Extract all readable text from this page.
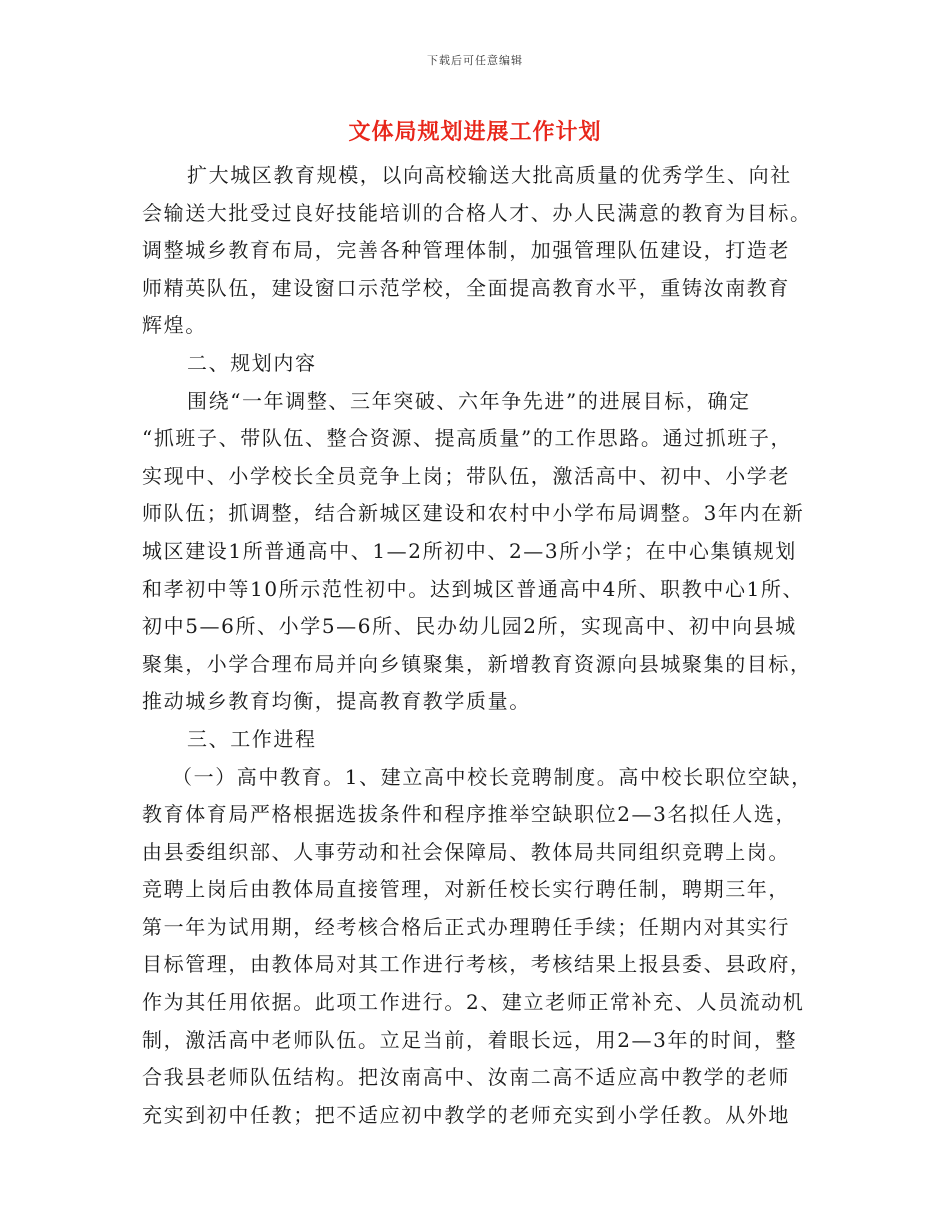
下载后可任意编辑
文体局规划进展工作计划
扩大城区教育规模，以向高校输送大批高质量的优秀学生、向社
会输送大批受过良好技能培训的合格人才、办人民满意的教育为目标。
调整城乡教育布局，完善各种管理体制，加强管理队伍建设，打造老
师精英队伍，建设窗口示范学校，全面提高教育水平，重铸汝南教育
辉煌。
二、规划内容
围绕“一年调整、三年突破、六年争先进”的进展目标，确定
“抓班子、带队伍、整合资源、提高质量”的工作思路。通过抓班子，
实现中、小学校长全员竞争上岗；带队伍，激活高中、初中、小学老
师队伍；抓调整，结合新城区建设和农村中小学布局调整。3年内在新
城区建设1所普通高中、1—2所初中、2—3所小学；在中心集镇规划
和孝初中等10所示范性初中。达到城区普通高中4所、职教中心1所、
初中5—6所、小学5—6所、民办幼儿园2所，实现高中、初中向县城
聚集，小学合理布局并向乡镇聚集，新增教育资源向县城聚集的目标，
推动城乡教育均衡，提高教育教学质量。
三、工作进程
（一）高中教育。1、建立高中校长竞聘制度。高中校长职位空缺，
教育体育局严格根据选拔条件和程序推举空缺职位2—3名拟任人选，
由县委组织部、人事劳动和社会保障局、教体局共同组织竞聘上岗。
竞聘上岗后由教体局直接管理，对新任校长实行聘任制，聘期三年，
第一年为试用期，经考核合格后正式办理聘任手续；任期内对其实行
目标管理，由教体局对其工作进行考核，考核结果上报县委、县政府，
作为其任用依据。此项工作进行。2、建立老师正常补充、人员流动机
制，激活高中老师队伍。立足当前，着眼长远，用2—3年的时间，整
合我县老师队伍结构。把汝南高中、汝南二高不适应高中教学的老师
充实到初中任教；把不适应初中教学的老师充实到小学任教。从外地
